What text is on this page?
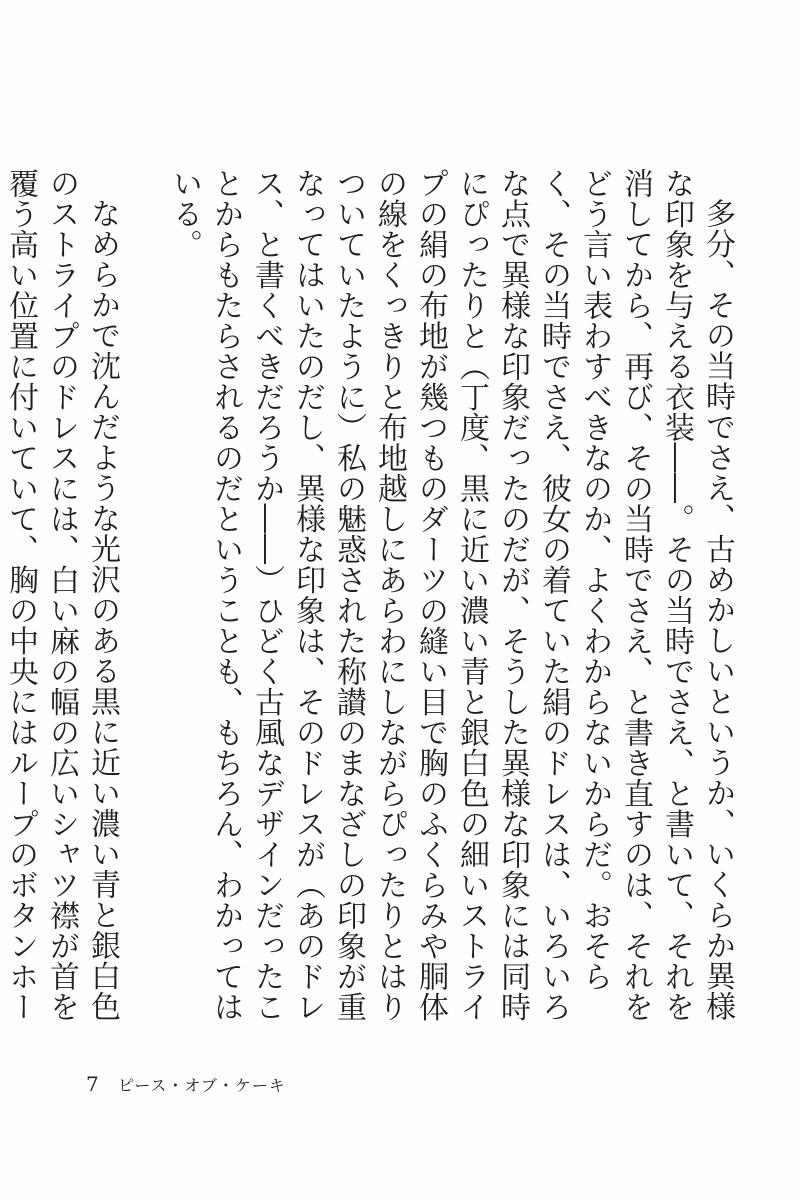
多分、その当時でさえ、古めかしいというか、いくらか異様な印象を与える衣装――。その当時でさえ、と書いて、それを消してから、再び、その当時でさえ、と書き直すのは、それをどう言い表わすべきなのか、よくわからないからだ。おそらく、その当時でさえ、彼女の着ていた絹のドレスは、いろいろな点で異様な印象だったのだが、そうした異様な印象には同時にぴったりと（丁度、黒に近い濃い青と銀白色の細いストライプの絹の布地が幾つものダーツの縫い目で胸のふくらみや胴体の線をくっきりと布地越しにあらわにしながらぴったりとはりついていたように）私の魅惑された称讃のまなざしの印象が重なってはいたのだし、異様な印象は、そのドレスが（あのドレス、と書くべきだろうか――）ひどく古風なデザインだったことからもたらされるのだということも、もちろん、わかってはいる。

なめらかで沈んだような光沢のある黒に近い濃い青と銀白色のストライプのドレスには、白い麻の幅の広いシャツ襟が首を覆う高い位置に付いていて、胸の中央にはループのボタンホー

7 ピース・オブ・ケーキ
